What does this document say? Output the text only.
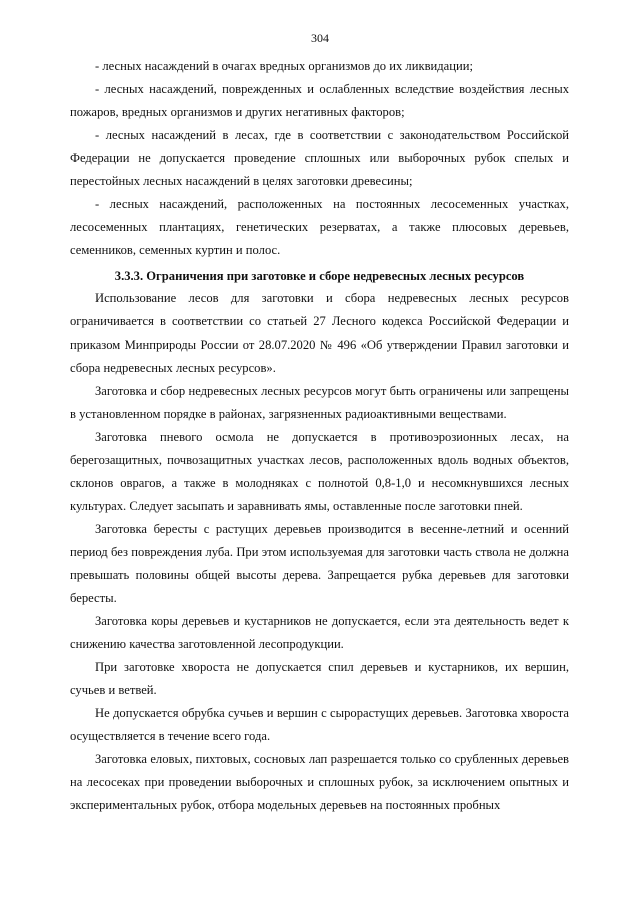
304

- лесных насаждений в очагах вредных организмов до их ликвидации;

- лесных насаждений, поврежденных и ослабленных вследствие воздействия лесных пожаров, вредных организмов и других негативных факторов;

- лесных насаждений в лесах, где в соответствии с законодательством Российской Федерации не допускается проведение сплошных или выборочных рубок спелых и перестойных лесных насаждений в целях заготовки древесины;

- лесных насаждений, расположенных на постоянных лесосеменных участках, лесосеменных плантациях, генетических резерватах, а также плюсовых деревьев, семенников, семенных куртин и полос.

3.3.3. Ограничения при заготовке и сборе недревесных лесных ресурсов

Использование лесов для заготовки и сбора недревесных лесных ресурсов ограничивается в соответствии со статьей 27 Лесного кодекса Российской Федерации и приказом Минприроды России от 28.07.2020 № 496 «Об утверждении Правил заготовки и сбора недревесных лесных ресурсов».

Заготовка и сбор недревесных лесных ресурсов могут быть ограничены или запрещены в установленном порядке в районах, загрязненных радиоактивными веществами.

Заготовка пневого осмола не допускается в противоэрозионных лесах, на берегозащитных, почвозащитных участках лесов, расположенных вдоль водных объектов, склонов оврагов, а также в молодняках с полнотой 0,8-1,0 и несомкнувшихся лесных культурах. Следует засыпать и заравнивать ямы, оставленные после заготовки пней.

Заготовка бересты с растущих деревьев производится в весенне-летний и осенний период без повреждения луба. При этом используемая для заготовки часть ствола не должна превышать половины общей высоты дерева. Запрещается рубка деревьев для заготовки бересты.

Заготовка коры деревьев и кустарников не допускается, если эта деятельность ведет к снижению качества заготовленной лесопродукции.

При заготовке хвороста не допускается спил деревьев и кустарников, их вершин, сучьев и ветвей.

Не допускается обрубка сучьев и вершин с сырорастущих деревьев. Заготовка хвороста осуществляется в течение всего года.

Заготовка еловых, пихтовых, сосновых лап разрешается только со срубленных деревьев на лесосеках при проведении выборочных и сплошных рубок, за исключением опытных и экспериментальных рубок, отбора модельных деревьев на постоянных пробных
